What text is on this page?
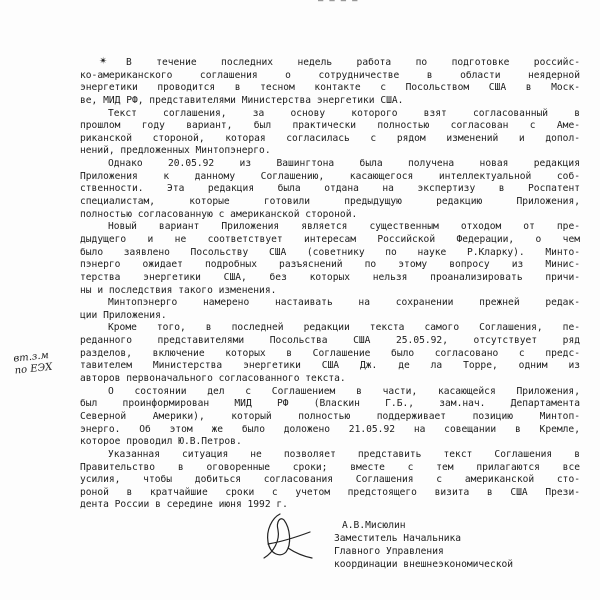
— — — —
✴	В течение последних недель работа по подготовке российс-
ко-американского соглашения о сотрудничестве в области неядерной
энергетики проводится в тесном контакте с Посольством США в Моск-
ве, МИД РФ, представителями Министерства энергетики США.
Текст соглашения, за основу которого взят согласованный в
прошлом году вариант, был практически полностью согласован с Аме-
риканской стороной, которая согласилась с рядом изменений и допол-
нений, предложенных Минтопэнерго.
Однако 20.05.92 из Вашингтона была получена новая редакция
Приложения к данному Соглашению, касающегося интеллектуальной соб-
ственности. Эта редакция была отдана на экспертизу в Роспатент
специалистам, которые готовили предыдущую редакцию Приложения,
полностью согласованную с американской стороной.
Новый вариант Приложения является существенным отходом от пре-
дыдущего и не соответствует интересам Российской Федерации, о чем
было заявлено Посольству США (советнику по науке Р.Кларку). Минто-
пэнерго ожидает подробных разъяснений по этому вопросу из Минис-
терства энергетики США, без которых нельзя проанализировать причи-
ны и последствия такого изменения.
Минтопэнерго намерено настаивать на сохранении прежней редак-
ции Приложения.
Кроме того, в последней редакции текста самого Соглашения, пе-
реданного представителями Посольства США 25.05.92, отсутствует ряд
разделов, включение которых в Соглашение было согласовано с предс-
тавителем Министерства энергетики США Дж. де ла Торре, одним из
авторов первоначального согласованного текста.
О состоянии дел с Соглашением в части, касающейся Приложения,
был проинформирован МИД РФ (Власкин Г.Б., зам.нач. Департамента
Северной Америки), который полностью поддерживает позицию Минтоп-
энерго. Об этом же было доложено 21.05.92 на совещании в Кремле,
которое проводил Ю.В.Петров.
Указанная ситуация не позволяет представить текст Соглашения в
Правительство в оговоренные сроки; вместе с тем прилагаются все
усилия, чтобы добиться согласования Соглашения с американской сто-
роной в кратчайшие сроки с учетом предстоящего визита в США Прези-
дента России в середине июня 1992 г.
вт.з.м
по ЕЭХ
А.В.Мисюлин
Заместитель Начальника
Главного Управления
координации внешнеэкономической
